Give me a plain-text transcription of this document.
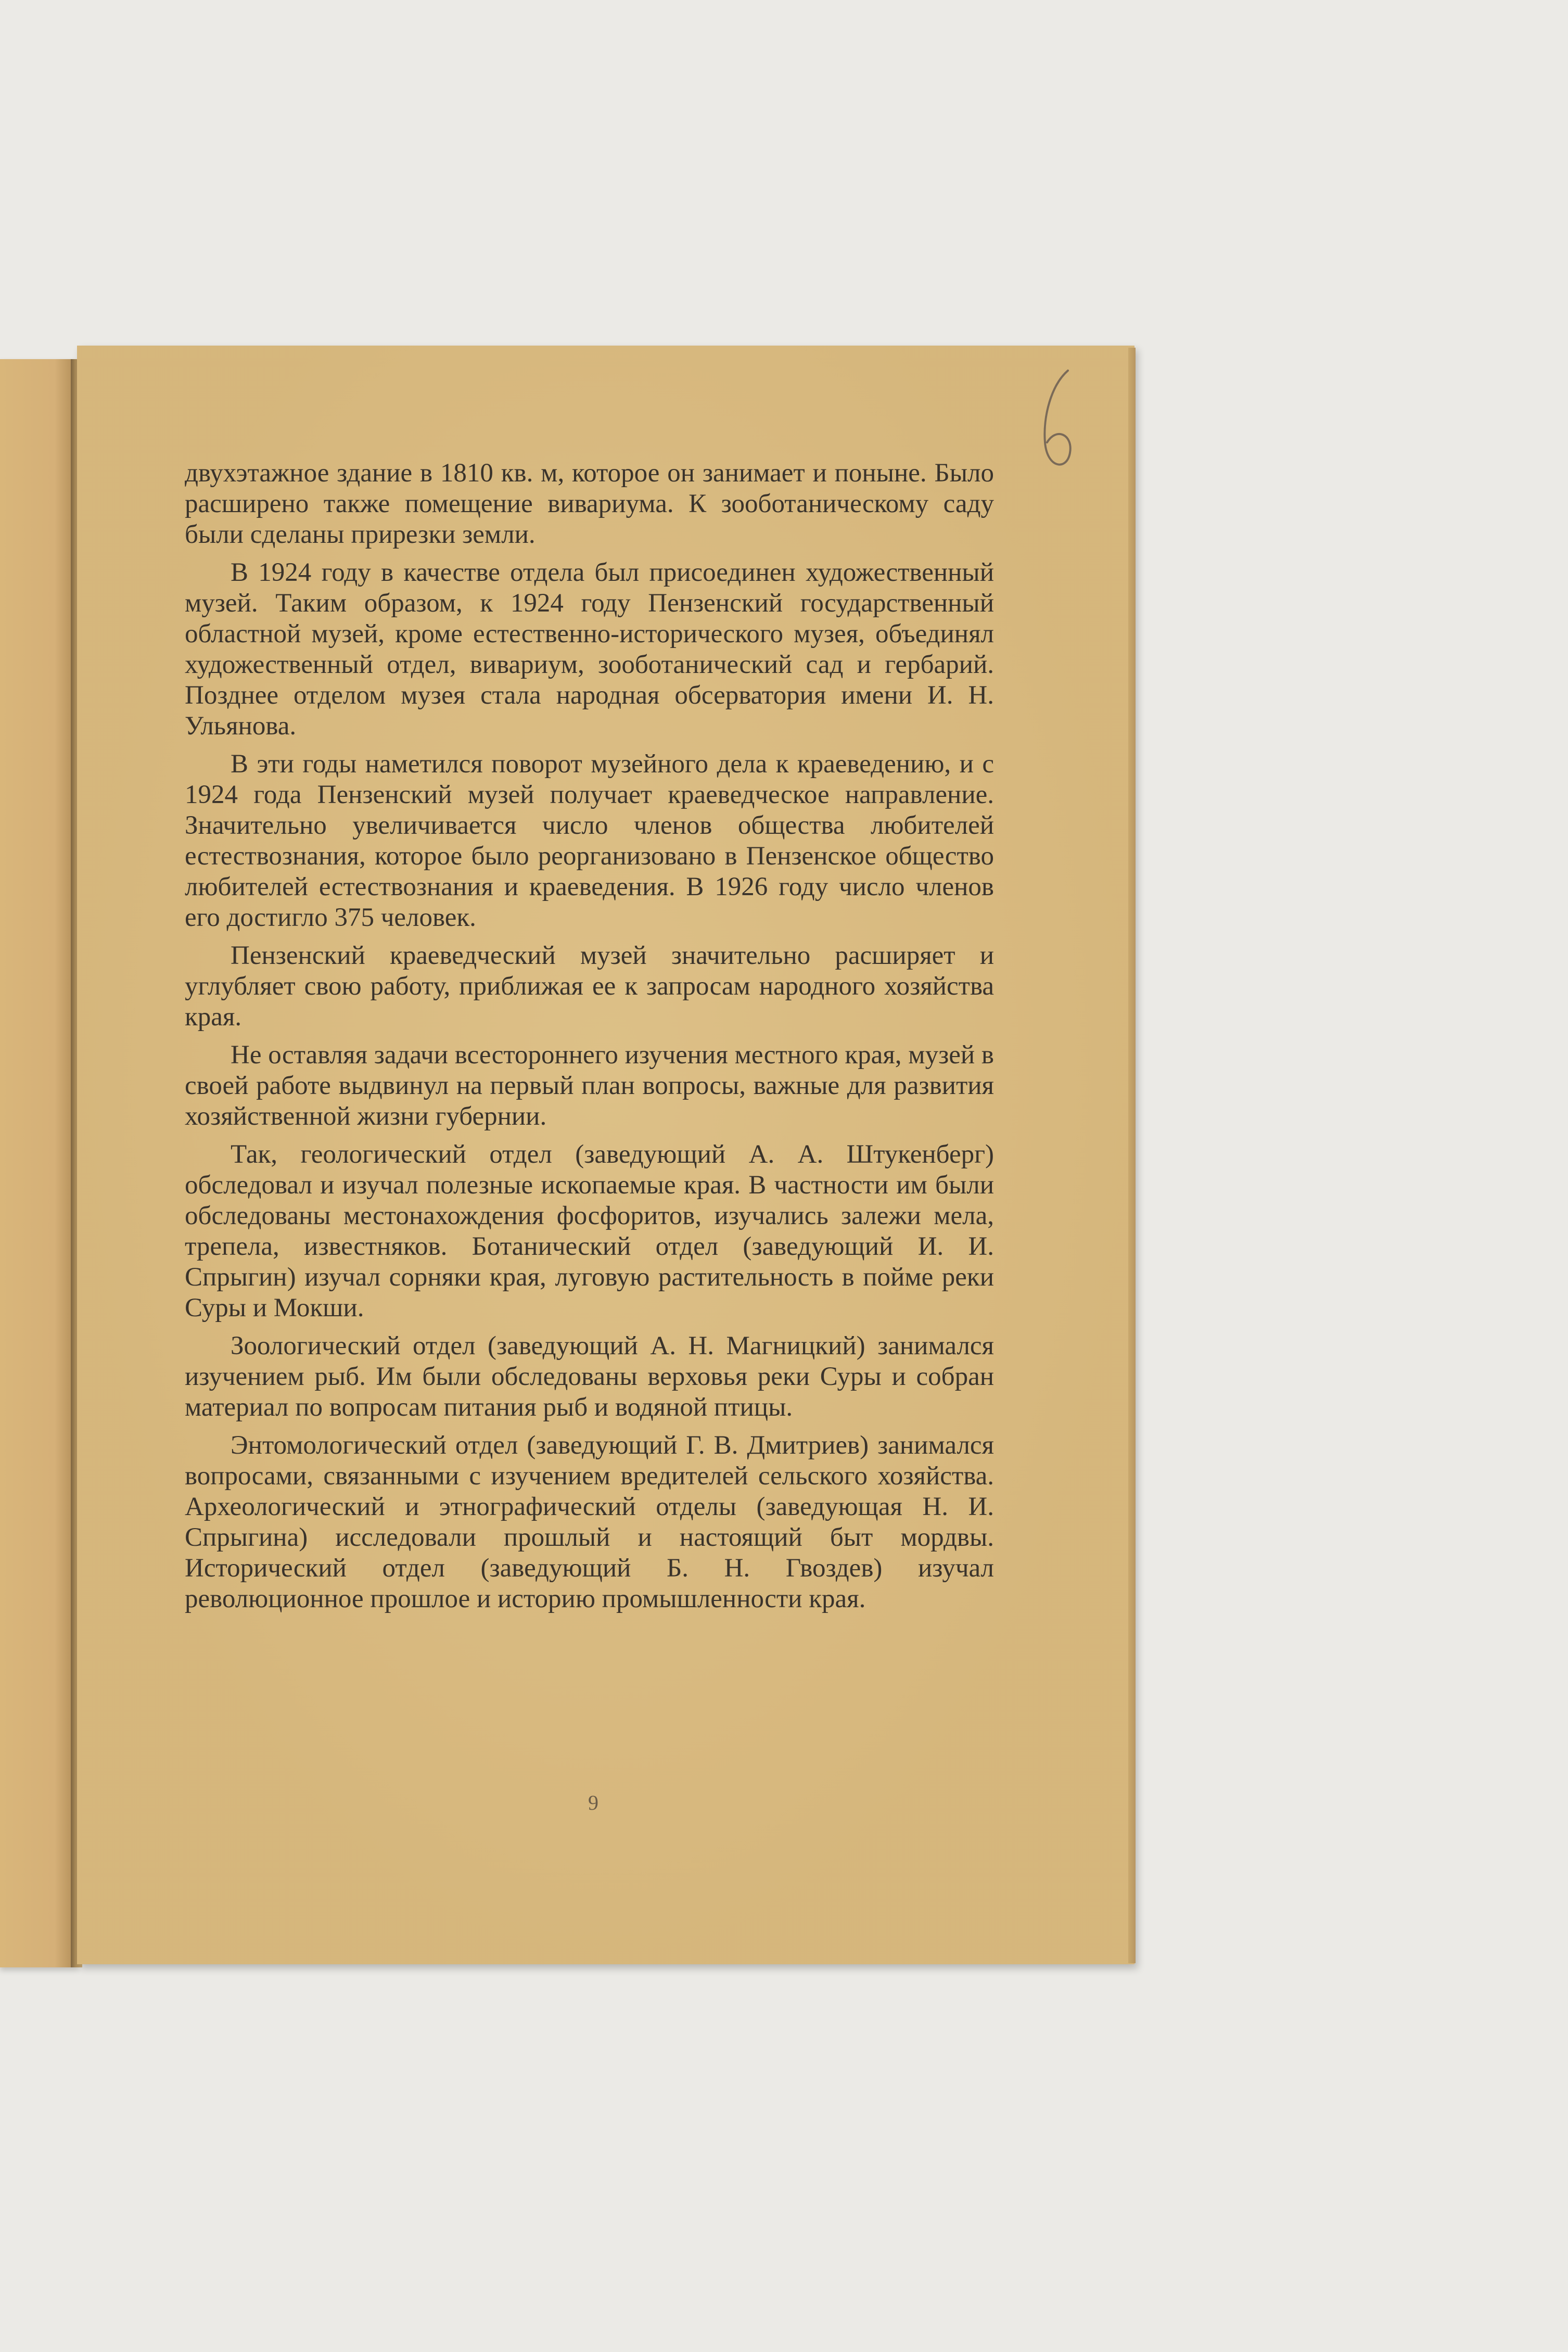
двухэтажное здание в 1810 кв. м, которое он занимает и поныне. Было расширено также помещение вивариума. К зооботаническому саду были сделаны прирезки земли.

В 1924 году в качестве отдела был присоединен художественный музей. Таким образом, к 1924 году Пензенский государственный областной музей, кроме естественно-исторического музея, объединял художественный отдел, вивариум, зооботанический сад и гербарий. Позднее отделом музея стала народная обсерватория имени И. Н. Ульянова.

В эти годы наметился поворот музейного дела к краеведению, и с 1924 года Пензенский музей получает краеведческое направление. Значительно увеличивается число членов общества любителей естествознания, которое было реорганизовано в Пензенское общество любителей естествознания и краеведения. В 1926 году число членов его достигло 375 человек.

Пензенский краеведческий музей значительно расширяет и углубляет свою работу, приближая ее к запросам народного хозяйства края.

Не оставляя задачи всестороннего изучения местного края, музей в своей работе выдвинул на первый план вопросы, важные для развития хозяйственной жизни губернии.

Так, геологический отдел (заведующий А. А. Штукенберг) обследовал и изучал полезные ископаемые края. В частности им были обследованы местонахождения фосфоритов, изучались залежи мела, трепела, известняков. Ботанический отдел (заведующий И. И. Спрыгин) изучал сорняки края, луговую растительность в пойме реки Суры и Мокши.

Зоологический отдел (заведующий А. Н. Магницкий) занимался изучением рыб. Им были обследованы верховья реки Суры и собран материал по вопросам питания рыб и водяной птицы.

Энтомологический отдел (заведующий Г. В. Дмитриев) занимался вопросами, связанными с изучением вредителей сельского хозяйства. Археологический и этнографический отделы (заведующая Н. И. Спрыгина) исследовали прошлый и настоящий быт мордвы. Исторический отдел (заведующий Б. Н. Гвоздев) изучал революционное прошлое и историю промышленности края.

9
